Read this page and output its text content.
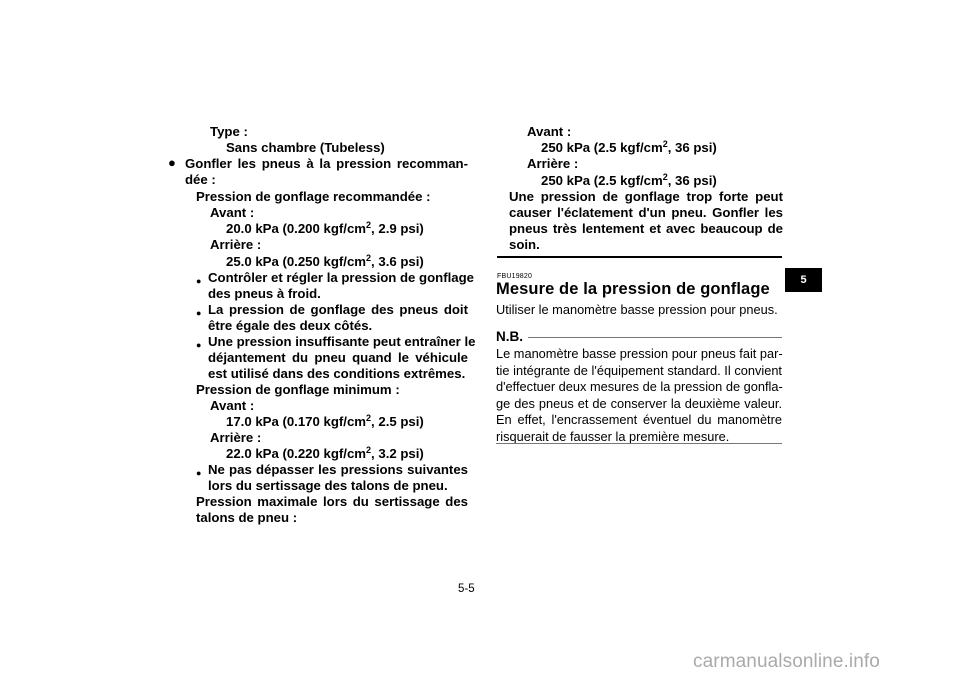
Type :
Sans chambre (Tubeless)
● Gonfler les pneus à la pression recomman-
dée :
Pression de gonflage recommandée :
Avant :
20.0 kPa (0.200 kgf/$cm^2$, 2.9 psi)
Arrière :
25.0 kPa (0.250 kgf/$cm^2$, 3.6 psi)
● Contrôler et régler la pression de gonflage
des pneus à froid.
● La pression de gonflage des pneus doit
être égale des deux côtés.
● Une pression insuffisante peut entraîner le
déjantement du pneu quand le véhicule
est utilisé dans des conditions extrêmes.
Pression de gonflage minimum :
Avant :
17.0 kPa (0.170 kgf/$cm^2$, 2.5 psi)
Arrière :
22.0 kPa (0.220 kgf/$cm^2$, 3.2 psi)
● Ne pas dépasser les pressions suivantes
lors du sertissage des talons de pneu.
Pression maximale lors du sertissage des
talons de pneu :
Avant :
250 kPa (2.5 kgf/$cm^2$, 36 psi)
Arrière :
250 kPa (2.5 kgf/$cm^2$, 36 psi)
Une pression de gonflage trop forte peut
causer l'éclatement d'un pneu. Gonfler les
pneus très lentement et avec beaucoup de
soin.
FBU19820
Mesure de la pression de gonflage
Utiliser le manomètre basse pression pour pneus.
N.B.
Le manomètre basse pression pour pneus fait par-
tie intégrante de l'équipement standard. Il convient
d'effectuer deux mesures de la pression de gonfla-
ge des pneus et de conserver la deuxième valeur.
En effet, l'encrassement éventuel du manomètre
risquerait de fausser la première mesure.
5
5-5
carmanualsonline.info
